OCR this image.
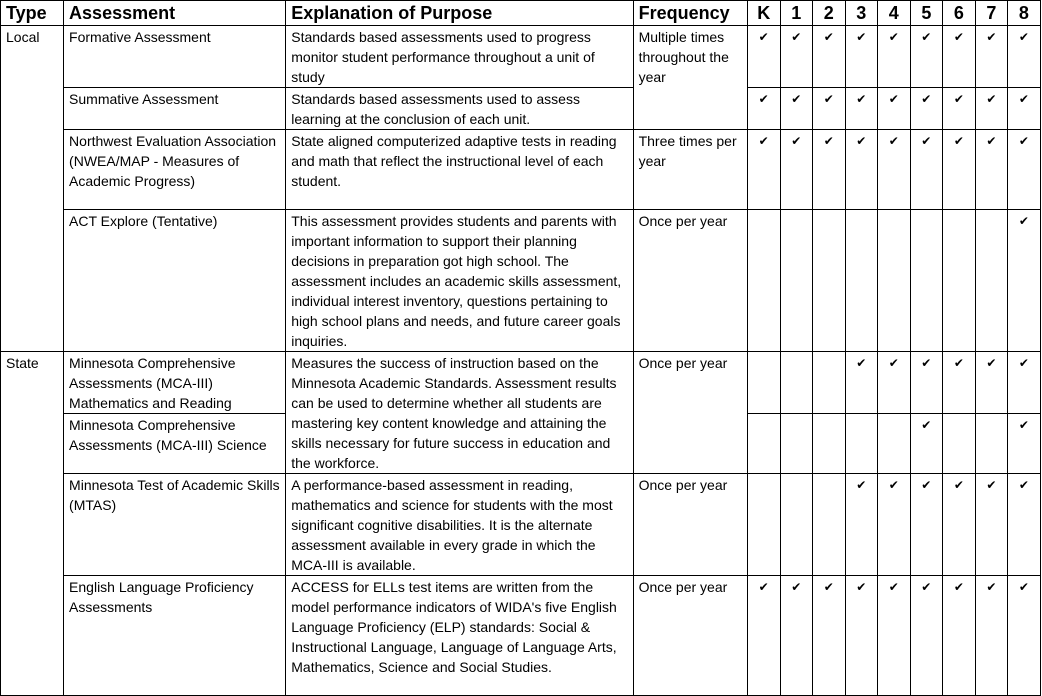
Type	Assessment	Explanation of Purpose	Frequency	K	1	2	3	4	5	6	7	8
Local	Formative Assessment	Standards based assessments used to progress monitor student performance throughout a unit of study	Multiple times throughout the year	✔	✔	✔	✔	✔	✔	✔	✔	✔
	Summative Assessment	Standards based assessments used to assess learning at the conclusion of each unit.		✔	✔	✔	✔	✔	✔	✔	✔	✔
	Northwest Evaluation Association (NWEA/MAP - Measures of Academic Progress)	State aligned computerized adaptive tests in reading and math that reflect the instructional level of each student.	Three times per year	✔	✔	✔	✔	✔	✔	✔	✔	✔
	ACT Explore (Tentative)	This assessment provides students and parents with important information to support their planning decisions in preparation got high school. The assessment includes an academic skills assessment, individual interest inventory, questions pertaining to high school plans and needs, and future career goals inquiries.	Once per year									✔
State	Minnesota Comprehensive Assessments (MCA-III) Mathematics and Reading	Measures the success of instruction based on the Minnesota Academic Standards. Assessment results can be used to determine whether all students are mastering key content knowledge and attaining the skills necessary for future success in education and the workforce.	Once per year				✔	✔	✔	✔	✔	✔
	Minnesota Comprehensive Assessments (MCA-III) Science								✔			✔
	Minnesota Test of Academic Skills (MTAS)	A performance-based assessment in reading, mathematics and science for students with the most significant cognitive disabilities. It is the alternate assessment available in every grade in which the MCA-III is available.	Once per year				✔	✔	✔	✔	✔	✔
	English Language Proficiency Assessments	ACCESS for ELLs test items are written from the model performance indicators of WIDA's five English Language Proficiency (ELP) standards: Social & Instructional Language, Language of Language Arts, Mathematics, Science and Social Studies.	Once per year	✔	✔	✔	✔	✔	✔	✔	✔	✔
